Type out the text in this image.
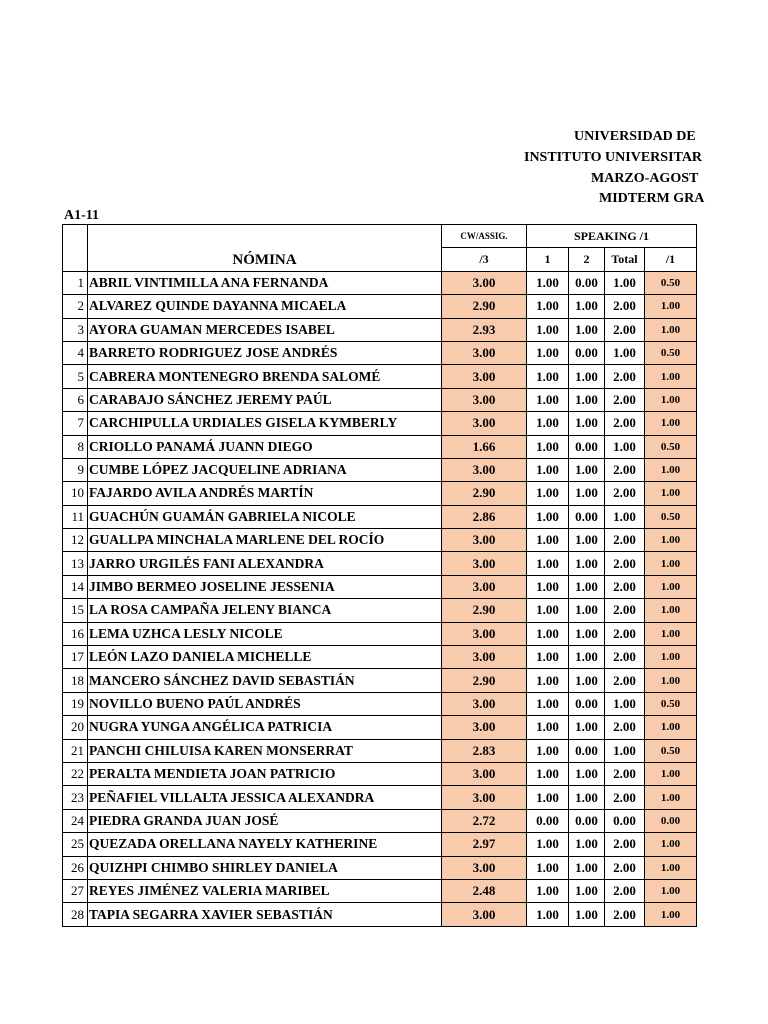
UNIVERSIDAD DE
INSTITUTO UNIVERSITAR
MARZO-AGOST
MIDTERM GRA
A1-11
	NÓMINA	CW/ASSIG.	SPEAKING /1			
		/3	1	2	Total	/1
1	ABRIL VINTIMILLA ANA FERNANDA	3.00	1.00	0.00	1.00	0.50
2	ALVAREZ QUINDE DAYANNA MICAELA	2.90	1.00	1.00	2.00	1.00
3	AYORA GUAMAN MERCEDES ISABEL	2.93	1.00	1.00	2.00	1.00
4	BARRETO RODRIGUEZ JOSE ANDRÉS	3.00	1.00	0.00	1.00	0.50
5	CABRERA MONTENEGRO BRENDA SALOMÉ	3.00	1.00	1.00	2.00	1.00
6	CARABAJO SÁNCHEZ JEREMY PAÚL	3.00	1.00	1.00	2.00	1.00
7	CARCHIPULLA URDIALES GISELA KYMBERLY	3.00	1.00	1.00	2.00	1.00
8	CRIOLLO PANAMÁ JUANN DIEGO	1.66	1.00	0.00	1.00	0.50
9	CUMBE LÓPEZ JACQUELINE ADRIANA	3.00	1.00	1.00	2.00	1.00
10	FAJARDO AVILA ANDRÉS MARTÍN	2.90	1.00	1.00	2.00	1.00
11	GUACHÚN GUAMÁN GABRIELA NICOLE	2.86	1.00	0.00	1.00	0.50
12	GUALLPA MINCHALA MARLENE DEL ROCÍO	3.00	1.00	1.00	2.00	1.00
13	JARRO URGILÉS FANI ALEXANDRA	3.00	1.00	1.00	2.00	1.00
14	JIMBO BERMEO JOSELINE JESSENIA	3.00	1.00	1.00	2.00	1.00
15	LA ROSA CAMPAÑA JELENY BIANCA	2.90	1.00	1.00	2.00	1.00
16	LEMA UZHCA LESLY NICOLE	3.00	1.00	1.00	2.00	1.00
17	LEÓN LAZO DANIELA MICHELLE	3.00	1.00	1.00	2.00	1.00
18	MANCERO SÁNCHEZ DAVID SEBASTIÁN	2.90	1.00	1.00	2.00	1.00
19	NOVILLO BUENO PAÚL ANDRÉS	3.00	1.00	0.00	1.00	0.50
20	NUGRA YUNGA ANGÉLICA PATRICIA	3.00	1.00	1.00	2.00	1.00
21	PANCHI CHILUISA KAREN MONSERRAT	2.83	1.00	0.00	1.00	0.50
22	PERALTA MENDIETA JOAN PATRICIO	3.00	1.00	1.00	2.00	1.00
23	PEÑAFIEL VILLALTA JESSICA ALEXANDRA	3.00	1.00	1.00	2.00	1.00
24	PIEDRA GRANDA JUAN JOSÉ	2.72	0.00	0.00	0.00	0.00
25	QUEZADA ORELLANA NAYELY KATHERINE	2.97	1.00	1.00	2.00	1.00
26	QUIZHPI CHIMBO SHIRLEY DANIELA	3.00	1.00	1.00	2.00	1.00
27	REYES JIMÉNEZ VALERIA MARIBEL	2.48	1.00	1.00	2.00	1.00
28	TAPIA SEGARRA XAVIER SEBASTIÁN	3.00	1.00	1.00	2.00	1.00
